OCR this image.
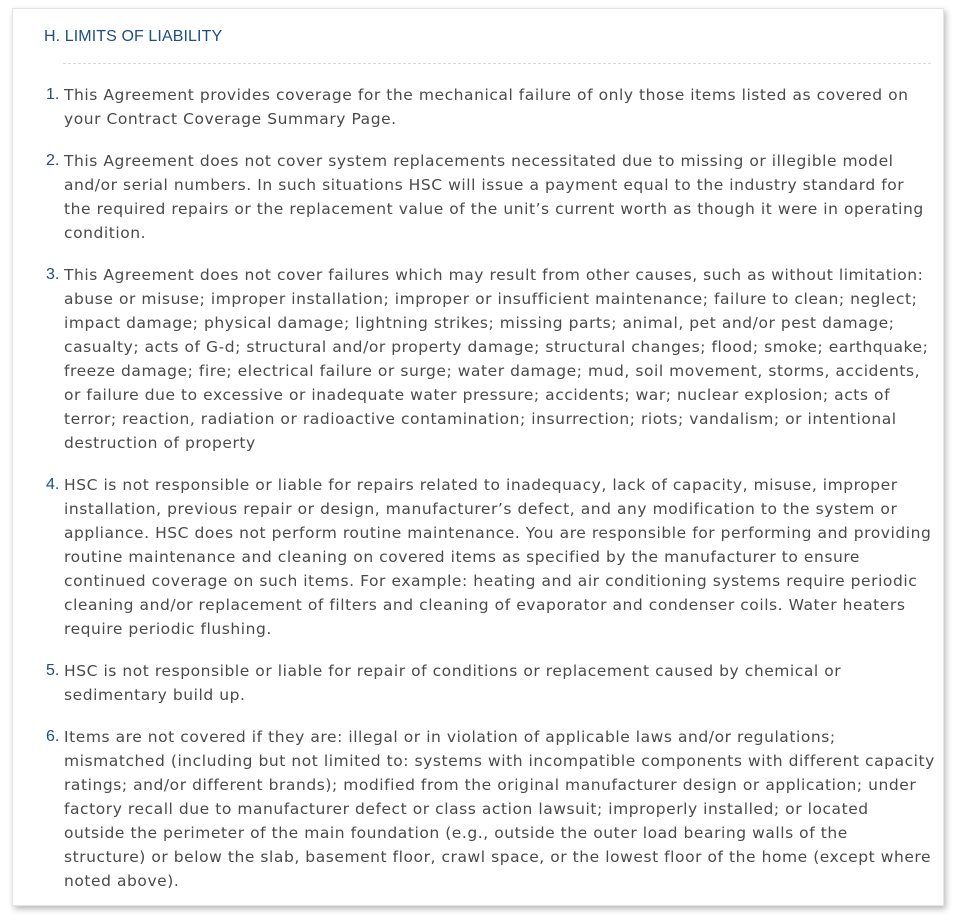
H. LIMITS OF LIABILITY
1. This Agreement provides coverage for the mechanical failure of only those items listed as covered on your Contract Coverage Summary Page.

2. This Agreement does not cover system replacements necessitated due to missing or illegible model and/or serial numbers. In such situations HSC will issue a payment equal to the industry standard for the required repairs or the replacement value of the unit’s current worth as though it were in operating condition.

3. This Agreement does not cover failures which may result from other causes, such as without limitation: abuse or misuse; improper installation; improper or insufficient maintenance; failure to clean; neglect; impact damage; physical damage; lightning strikes; missing parts; animal, pet and/or pest damage; casualty; acts of G-d; structural and/or property damage; structural changes; flood; smoke; earthquake; freeze damage; fire; electrical failure or surge; water damage; mud, soil movement, storms, accidents, or failure due to excessive or inadequate water pressure; accidents; war; nuclear explosion; acts of terror; reaction, radiation or radioactive contamination; insurrection; riots; vandalism; or intentional destruction of property

4. HSC is not responsible or liable for repairs related to inadequacy, lack of capacity, misuse, improper installation, previous repair or design, manufacturer’s defect, and any modification to the system or appliance. HSC does not perform routine maintenance. You are responsible for performing and providing routine maintenance and cleaning on covered items as specified by the manufacturer to ensure continued coverage on such items. For example: heating and air conditioning systems require periodic cleaning and/or replacement of filters and cleaning of evaporator and condenser coils. Water heaters require periodic flushing.

5. HSC is not responsible or liable for repair of conditions or replacement caused by chemical or sedimentary build up.

6. Items are not covered if they are: illegal or in violation of applicable laws and/or regulations; mismatched (including but not limited to: systems with incompatible components with different capacity ratings; and/or different brands); modified from the original manufacturer design or application; under factory recall due to manufacturer defect or class action lawsuit; improperly installed; or located outside the perimeter of the main foundation (e.g., outside the outer load bearing walls of the structure) or below the slab, basement floor, crawl space, or the lowest floor of the home (except where noted above).
